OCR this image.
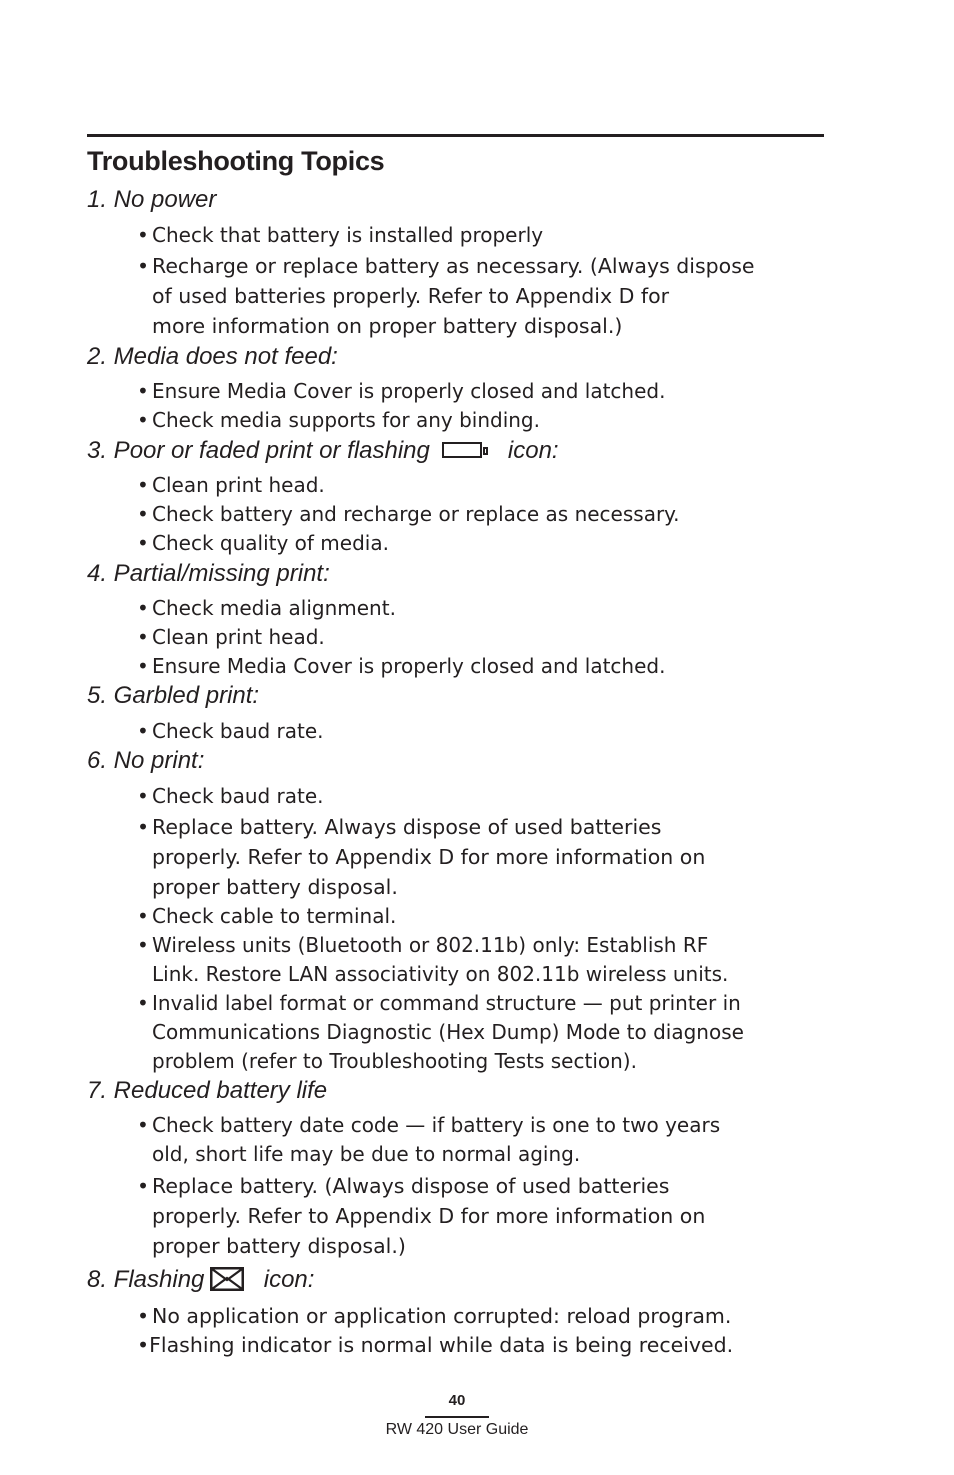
Troubleshooting Topics
1. No power
• Check that battery is installed properly
• Recharge or replace battery as necessary. (Always dispose
of used batteries properly. Refer to Appendix D for
more information on proper battery disposal.)
2. Media does not feed:
• Ensure Media Cover is properly closed and latched.
• Check media supports for any binding.
3. Poor or faded print or flashing	icon:
• Clean print head.
• Check battery and recharge or replace as necessary.
• Check quality of media.
4. Partial/missing print:
• Check media alignment.
• Clean print head.
• Ensure Media Cover is properly closed and latched.
5. Garbled print:
• Check baud rate.
6. No print:
• Check baud rate.
• Replace battery. Always dispose of used batteries
properly. Refer to Appendix D for more information on
proper battery disposal.
• Check cable to terminal.
• Wireless units (Bluetooth or 802.11b) only: Establish RF
Link. Restore LAN associativity on 802.11b wireless units.
• Invalid label format or command structure — put printer in
Communications Diagnostic (Hex Dump) Mode to diagnose
problem (refer to Troubleshooting Tests section).
7. Reduced battery life
• Check battery date code — if battery is one to two years
old, short life may be due to normal aging.
• Replace battery. (Always dispose of used batteries
properly. Refer to Appendix D for more information on
proper battery disposal.)
8. Flashing icon:
• No application or application corrupted: reload program.
•Flashing indicator is normal while data is being received.
40
RW 420 User Guide
